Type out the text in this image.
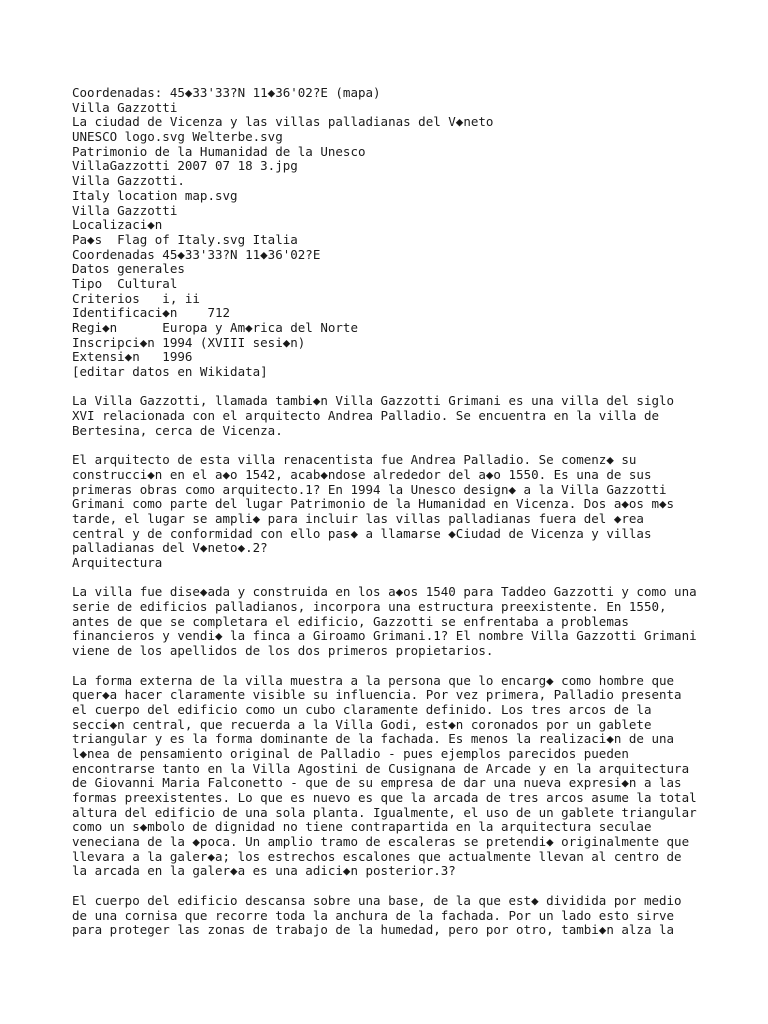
Coordenadas: 45◆33'33?N 11◆36'02?E (mapa)
Villa Gazzotti
La ciudad de Vicenza y las villas palladianas del V◆neto
UNESCO logo.svg Welterbe.svg
Patrimonio de la Humanidad de la Unesco
VillaGazzotti 2007 07 18 3.jpg
Villa Gazzotti.
Italy location map.svg
Villa Gazzotti
Localizaci◆n
Pa◆s  Flag of Italy.svg Italia
Coordenadas 45◆33'33?N 11◆36'02?E
Datos generales
Tipo  Cultural
Criterios   i, ii
Identificaci◆n    712
Regi◆n      Europa y Am◆rica del Norte
Inscripci◆n 1994 (XVIII sesi◆n)
Extensi◆n   1996
[editar datos en Wikidata]
La Villa Gazzotti, llamada tambi◆n Villa Gazzotti Grimani es una villa del siglo
XVI relacionada con el arquitecto Andrea Palladio. Se encuentra en la villa de
Bertesina, cerca de Vicenza.
El arquitecto de esta villa renacentista fue Andrea Palladio. Se comenz◆ su
construcci◆n en el a◆o 1542, acab◆ndose alrededor del a◆o 1550. Es una de sus
primeras obras como arquitecto.1? En 1994 la Unesco design◆ a la Villa Gazzotti
Grimani como parte del lugar Patrimonio de la Humanidad en Vicenza. Dos a◆os m◆s
tarde, el lugar se ampli◆ para incluir las villas palladianas fuera del ◆rea
central y de conformidad con ello pas◆ a llamarse ◆Ciudad de Vicenza y villas
palladianas del V◆neto◆.2?
Arquitectura
La villa fue dise◆ada y construida en los a◆os 1540 para Taddeo Gazzotti y como una
serie de edificios palladianos, incorpora una estructura preexistente. En 1550,
antes de que se completara el edificio, Gazzotti se enfrentaba a problemas
financieros y vendi◆ la finca a Giroamo Grimani.1? El nombre Villa Gazzotti Grimani
viene de los apellidos de los dos primeros propietarios.
La forma externa de la villa muestra a la persona que lo encarg◆ como hombre que
quer◆a hacer claramente visible su influencia. Por vez primera, Palladio presenta
el cuerpo del edificio como un cubo claramente definido. Los tres arcos de la
secci◆n central, que recuerda a la Villa Godi, est◆n coronados por un gablete
triangular y es la forma dominante de la fachada. Es menos la realizaci◆n de una
l◆nea de pensamiento original de Palladio - pues ejemplos parecidos pueden
encontrarse tanto en la Villa Agostini de Cusignana de Arcade y en la arquitectura
de Giovanni Maria Falconetto - que de su empresa de dar una nueva expresi◆n a las
formas preexistentes. Lo que es nuevo es que la arcada de tres arcos asume la total
altura del edificio de una sola planta. Igualmente, el uso de un gablete triangular
como un s◆mbolo de dignidad no tiene contrapartida en la arquitectura seculae
veneciana de la ◆poca. Un amplio tramo de escaleras se pretendi◆ originalmente que
llevara a la galer◆a; los estrechos escalones que actualmente llevan al centro de
la arcada en la galer◆a es una adici◆n posterior.3?
El cuerpo del edificio descansa sobre una base, de la que est◆ dividida por medio
de una cornisa que recorre toda la anchura de la fachada. Por un lado esto sirve
para proteger las zonas de trabajo de la humedad, pero por otro, tambi◆n alza la
